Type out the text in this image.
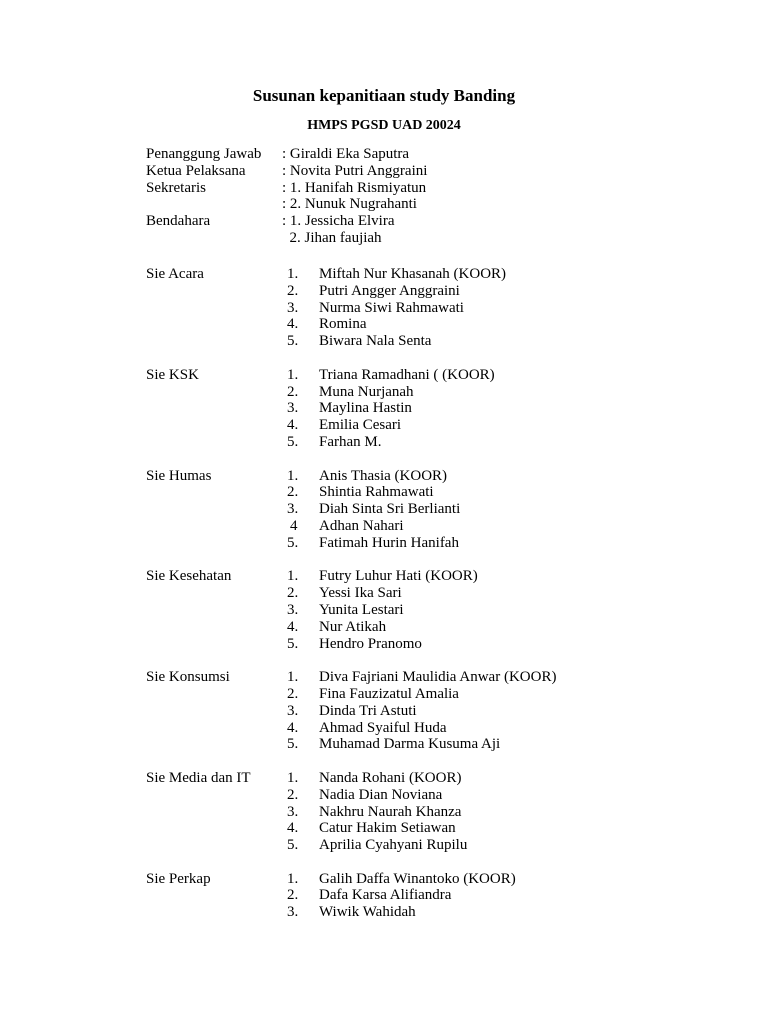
Susunan kepanitiaan study Banding
HMPS PGSD UAD 20024
Penanggung Jawab : Giraldi Eka Saputra
Ketua Pelaksana : Novita Putri Anggraini
Sekretaris	: 1. Hanifah Rismiyatun
: 2. Nunuk Nugrahanti
Bendahara	: 1. Jessicha Elvira
2. Jihan faujiah
Sie Acara	1. Miftah Nur Khasanah (KOOR)
2. Putri Angger Anggraini
3. Nurma Siwi Rahmawati
4. Romina
5. Biwara Nala Senta
Sie KSK	1. Triana Ramadhani ( (KOOR)
2. Muna Nurjanah
3. Maylina Hastin
4. Emilia Cesari
5. Farhan M.
Sie Humas	1. Anis Thasia (KOOR)
2. Shintia Rahmawati
3. Diah Sinta Sri Berlianti
4 Adhan Nahari
5. Fatimah Hurin Hanifah
Sie Kesehatan	1. Futry Luhur Hati (KOOR)
2. Yessi Ika Sari
3. Yunita Lestari
4. Nur Atikah
5. Hendro Pranomo
Sie Konsumsi	1. Diva Fajriani Maulidia Anwar (KOOR)
2. Fina Fauzizatul Amalia
3. Dinda Tri Astuti
4. Ahmad Syaiful Huda
5. Muhamad Darma Kusuma Aji
Sie Media dan IT 1. Nanda Rohani (KOOR)
2. Nadia Dian Noviana
3. Nakhru Naurah Khanza
4. Catur Hakim Setiawan
5. Aprilia Cyahyani Rupilu
Sie Perkap	1. Galih Daffa Winantoko (KOOR)
2. Dafa Karsa Alifiandra
3. Wiwik Wahidah
